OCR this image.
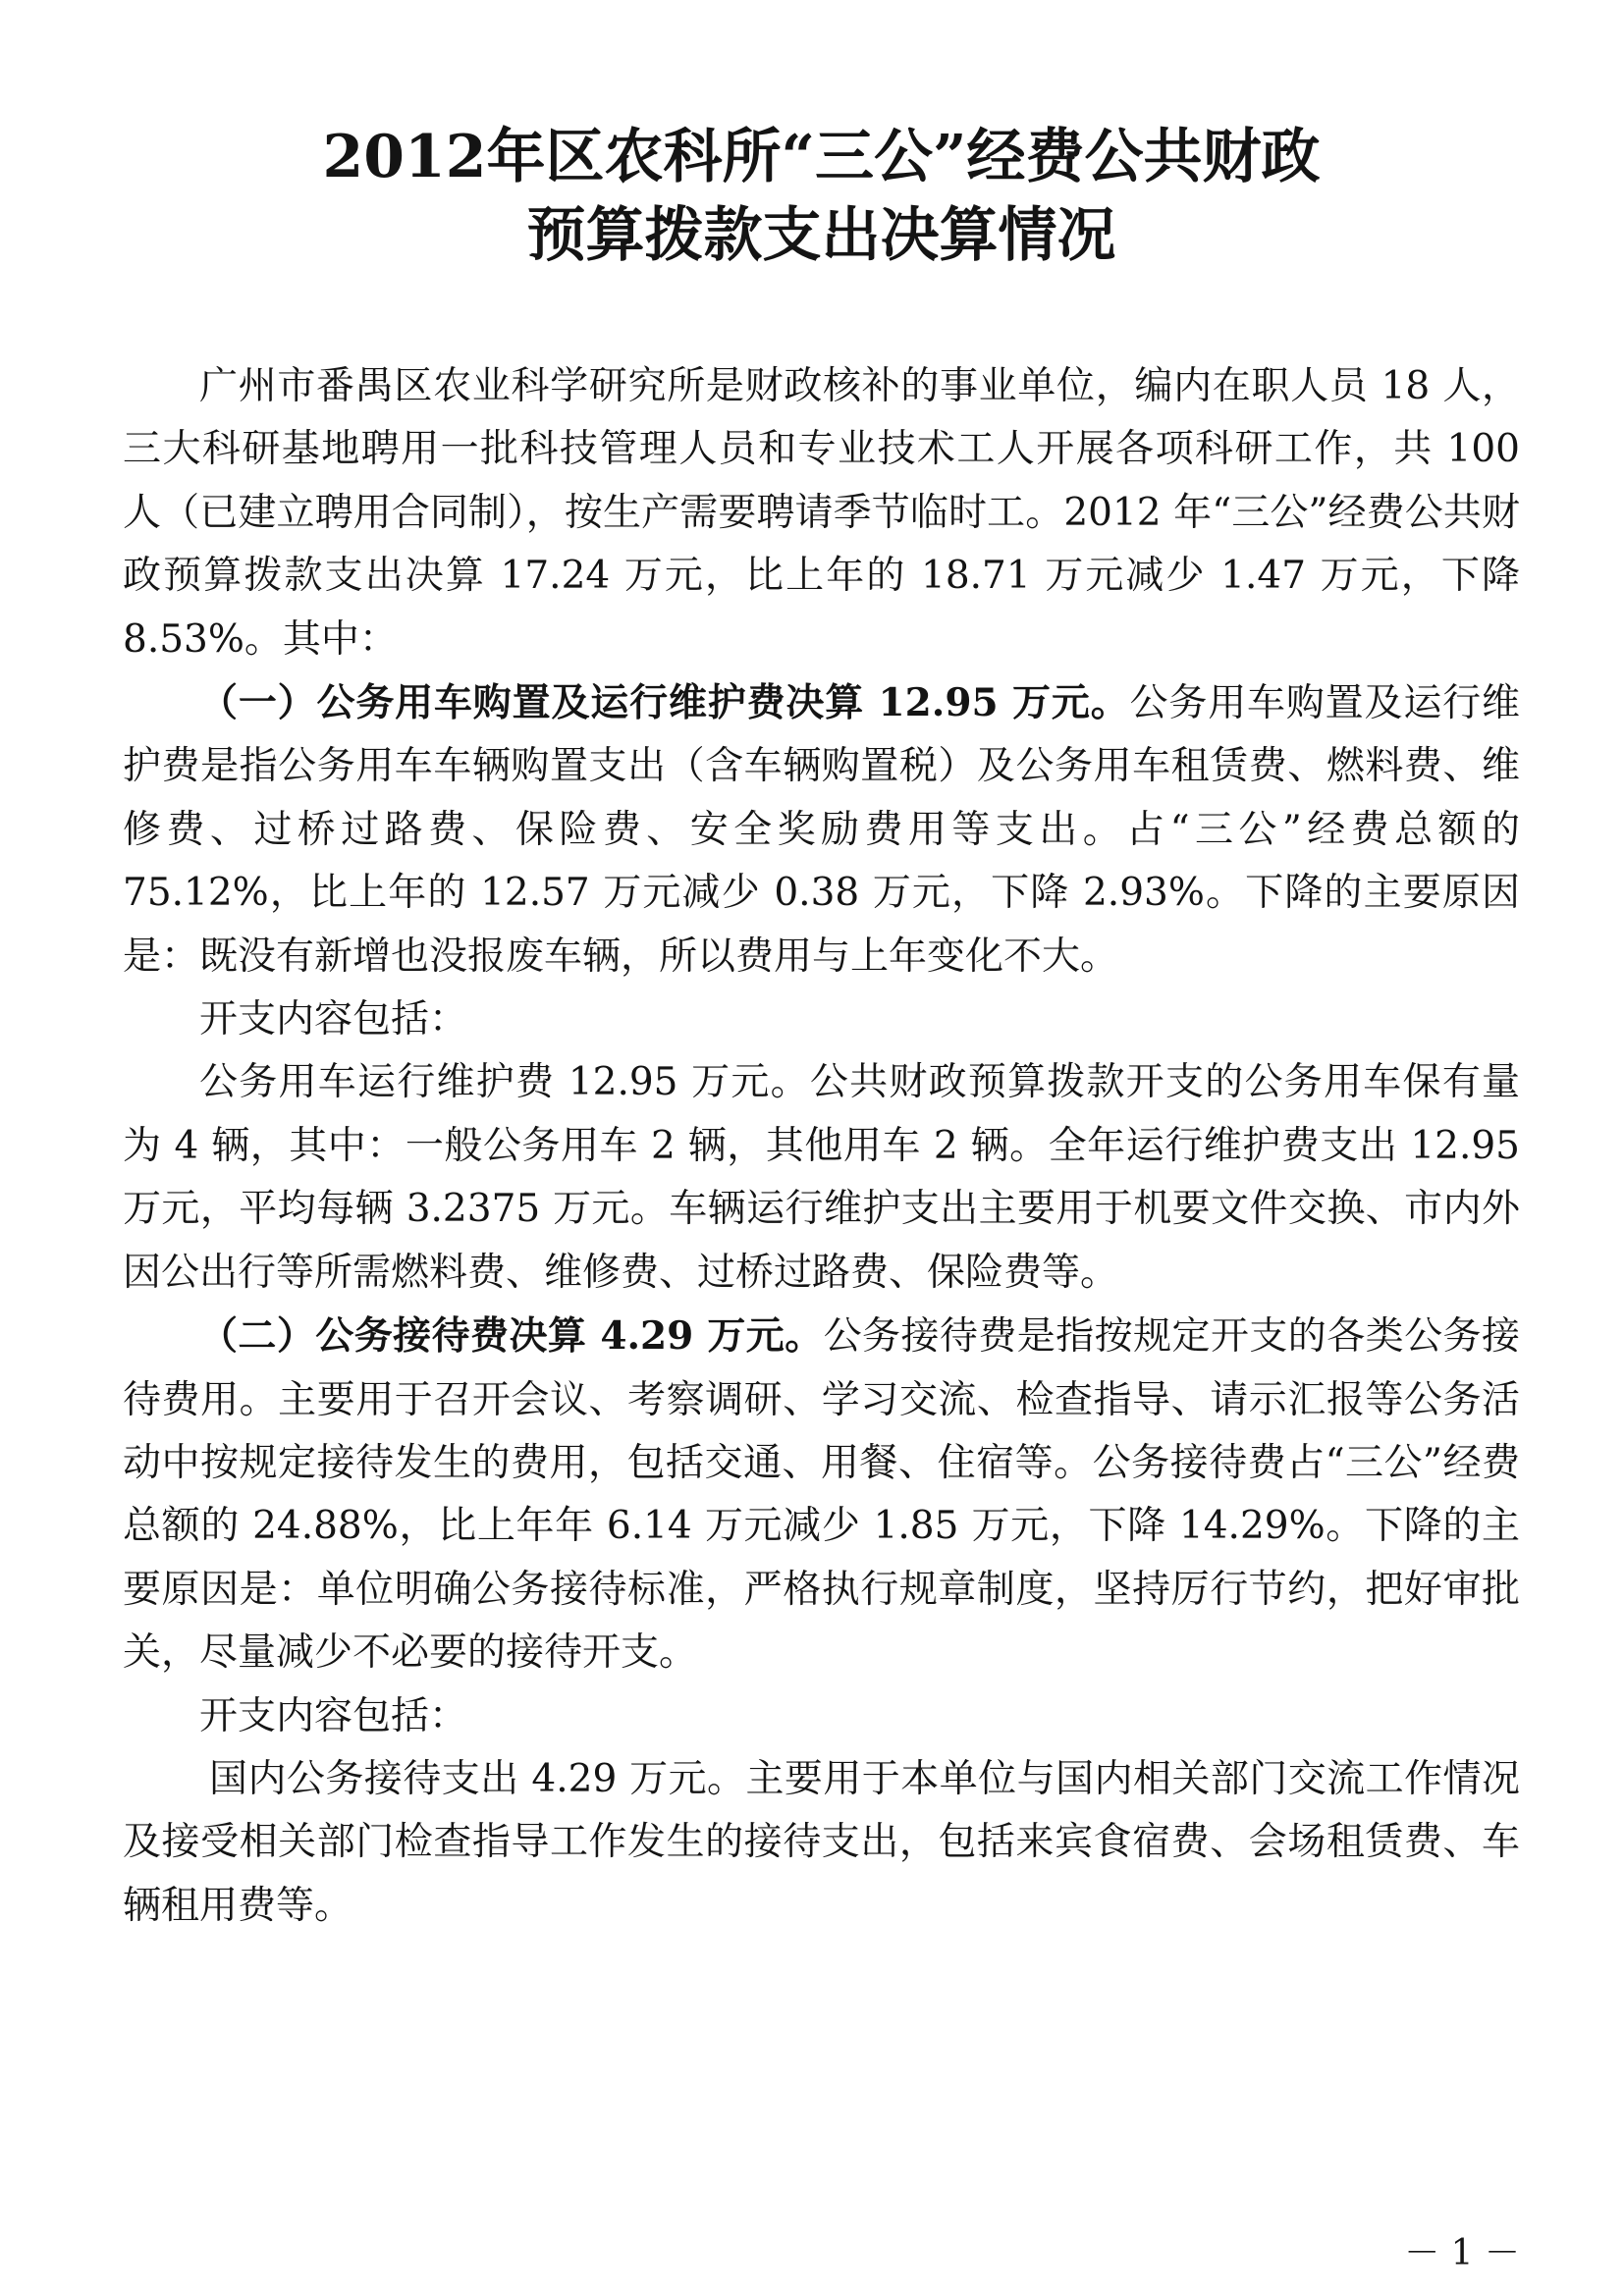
2012年区农科所“三公”经费公共财政
预算拨款支出决算情况

广州市番禺区农业科学研究所是财政核补的事业单位，编内在职人员 18 人，三大科研基地聘用一批科技管理人员和专业技术工人开展各项科研工作，共 100 人（已建立聘用合同制），按生产需要聘请季节临时工。2012 年“三公”经费公共财政预算拨款支出决算 17.24 万元，比上年的 18.71 万元减少 1.47 万元，下降 8.53%。其中：

（一）公务用车购置及运行维护费决算 12.95 万元。公务用车购置及运行维护费是指公务用车车辆购置支出（含车辆购置税）及公务用车租赁费、燃料费、维修费、过桥过路费、保险费、安全奖励费用等支出。占“三公”经费总额的 75.12%，比上年的 12.57 万元减少 0.38 万元，下降 2.93%。下降的主要原因是：既没有新增也没报废车辆，所以费用与上年变化不大。

开支内容包括：

公务用车运行维护费 12.95 万元。公共财政预算拨款开支的公务用车保有量为 4 辆，其中：一般公务用车 2 辆，其他用车 2 辆。全年运行维护费支出 12.95 万元，平均每辆 3.2375 万元。车辆运行维护支出主要用于机要文件交换、市内外因公出行等所需燃料费、维修费、过桥过路费、保险费等。

（二）公务接待费决算 4.29 万元。公务接待费是指按规定开支的各类公务接待费用。主要用于召开会议、考察调研、学习交流、检查指导、请示汇报等公务活动中按规定接待发生的费用，包括交通、用餐、住宿等。公务接待费占“三公”经费总额的 24.88%，比上年年 6.14 万元减少 1.85 万元，下降 14.29%。下降的主要原因是：单位明确公务接待标准，严格执行规章制度，坚持厉行节约，把好审批关，尽量减少不必要的接待开支。

开支内容包括：

国内公务接待支出 4.29 万元。主要用于本单位与国内相关部门交流工作情况及接受相关部门检查指导工作发生的接待支出，包括来宾食宿费、会场租赁费、车辆租用费等。

－ 1 －
